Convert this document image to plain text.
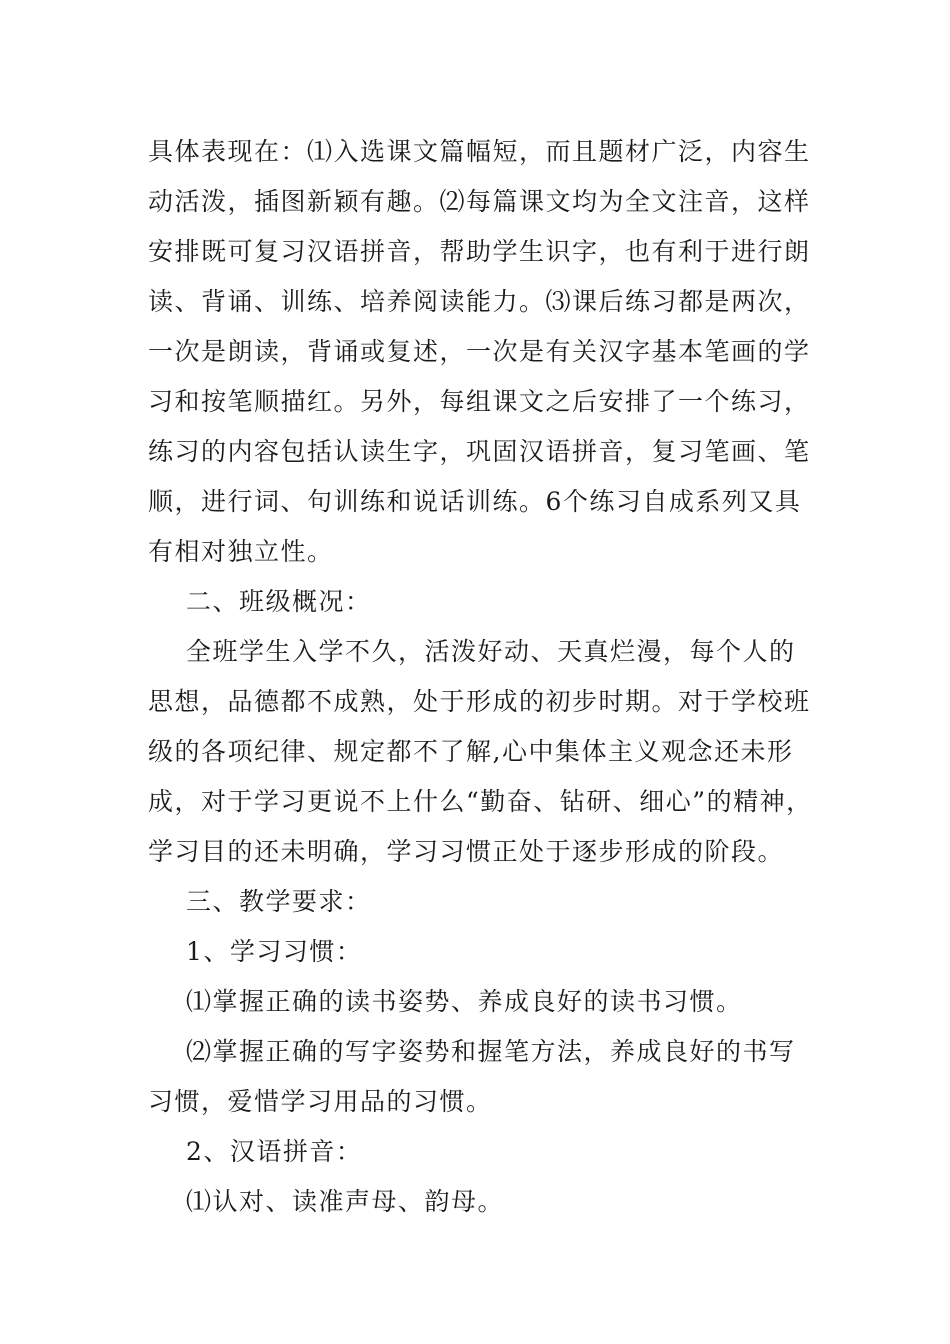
具体表现在：⑴入选课文篇幅短，而且题材广泛，内容生
动活泼，插图新颖有趣。⑵每篇课文均为全文注音，这样
安排既可复习汉语拼音，帮助学生识字，也有利于进行朗
读、背诵、训练、培养阅读能力。⑶课后练习都是两次，
一次是朗读，背诵或复述，一次是有关汉字基本笔画的学
习和按笔顺描红。另外，每组课文之后安排了一个练习，
练习的内容包括认读生字，巩固汉语拼音，复习笔画、笔
顺，进行词、句训练和说话训练。6个练习自成系列又具
有相对独立性。
二、班级概况：
全班学生入学不久，活泼好动、天真烂漫，每个人的
思想，品德都不成熟，处于形成的初步时期。对于学校班
级的各项纪律、规定都不了解,心中集体主义观念还未形
成，对于学习更说不上什么“勤奋、钻研、细心”的精神，
学习目的还未明确，学习习惯正处于逐步形成的阶段。
三、教学要求：
1、学习习惯：
⑴掌握正确的读书姿势、养成良好的读书习惯。
⑵掌握正确的写字姿势和握笔方法，养成良好的书写
习惯，爱惜学习用品的习惯。
2、汉语拼音：
⑴认对、读准声母、韵母。
